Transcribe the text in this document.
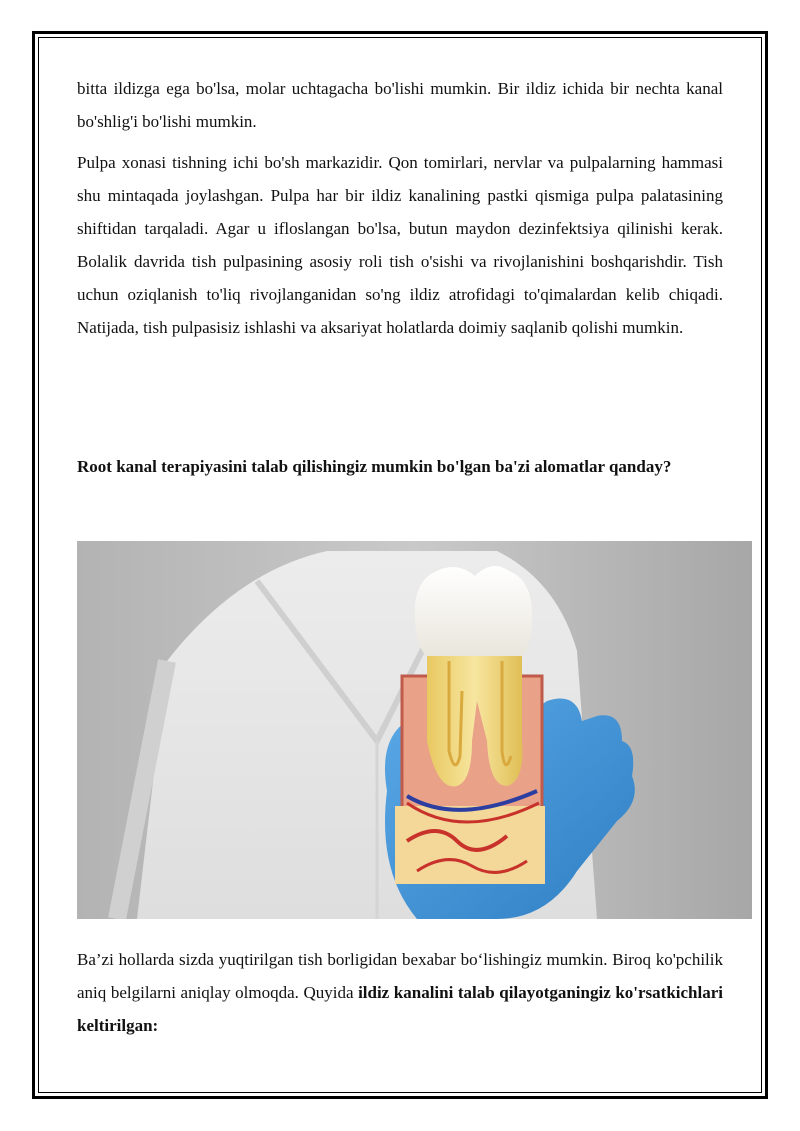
bitta ildizga ega bo'lsa, molar uchtagacha bo'lishi mumkin. Bir ildiz ichida bir nechta kanal bo'shlig'i bo'lishi mumkin.

Pulpa xonasi tishning ichi bo'sh markazidir. Qon tomirlari, nervlar va pulpalarning hammasi shu mintaqada joylashgan. Pulpa har bir ildiz kanalining pastki qismiga pulpa palatasining shiftidan tarqaladi. Agar u ifloslangan bo'lsa, butun maydon dezinfektsiya qilinishi kerak. Bolalik davrida tish pulpasining asosiy roli tish o'sishi va rivojlanishini boshqarishdir. Tish uchun oziqlanish to'liq rivojlanganidan so'ng ildiz atrofidagi to'qimalardan kelib chiqadi. Natijada, tish pulpasisiz ishlashi va aksariyat holatlarda doimiy saqlanib qolishi mumkin.

Root kanal terapiyasini talab qilishingiz mumkin bo'lgan ba'zi alomatlar qanday?

Ba’zi hollarda sizda yuqtirilgan tish borligidan bexabar bo‘lishingiz mumkin. Biroq ko'pchilik aniq belgilarni aniqlay olmoqda. Quyida ildiz kanalini talab qilayotganingiz ko'rsatkichlari keltirilgan:
